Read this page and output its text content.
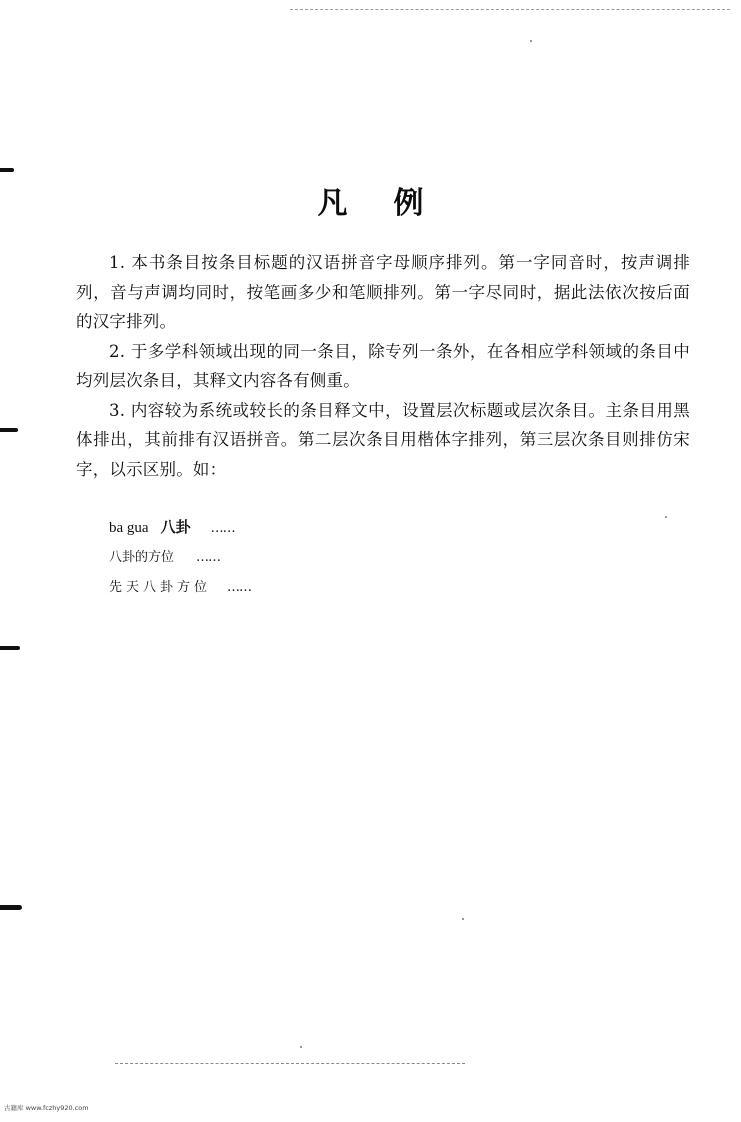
凡例

1. 本书条目按条目标题的汉语拼音字母顺序排列。第一字同音时，按声调排列，音与声调均同时，按笔画多少和笔顺排列。第一字尽同时，据此法依次按后面的汉字排列。

2. 于多学科领域出现的同一条目，除专列一条外，在各相应学科领域的条目中均列层次条目，其释文内容各有侧重。

3. 内容较为系统或较长的条目释文中，设置层次标题或层次条目。主条目用黑体排出，其前排有汉语拼音。第二层次条目用楷体字排列，第三层次条目则排仿宋字，以示区别。如：

ba gua 八卦 ……
八卦的方位 ……
先天八卦方位 ……
古籍库 www.fczhy920.com
